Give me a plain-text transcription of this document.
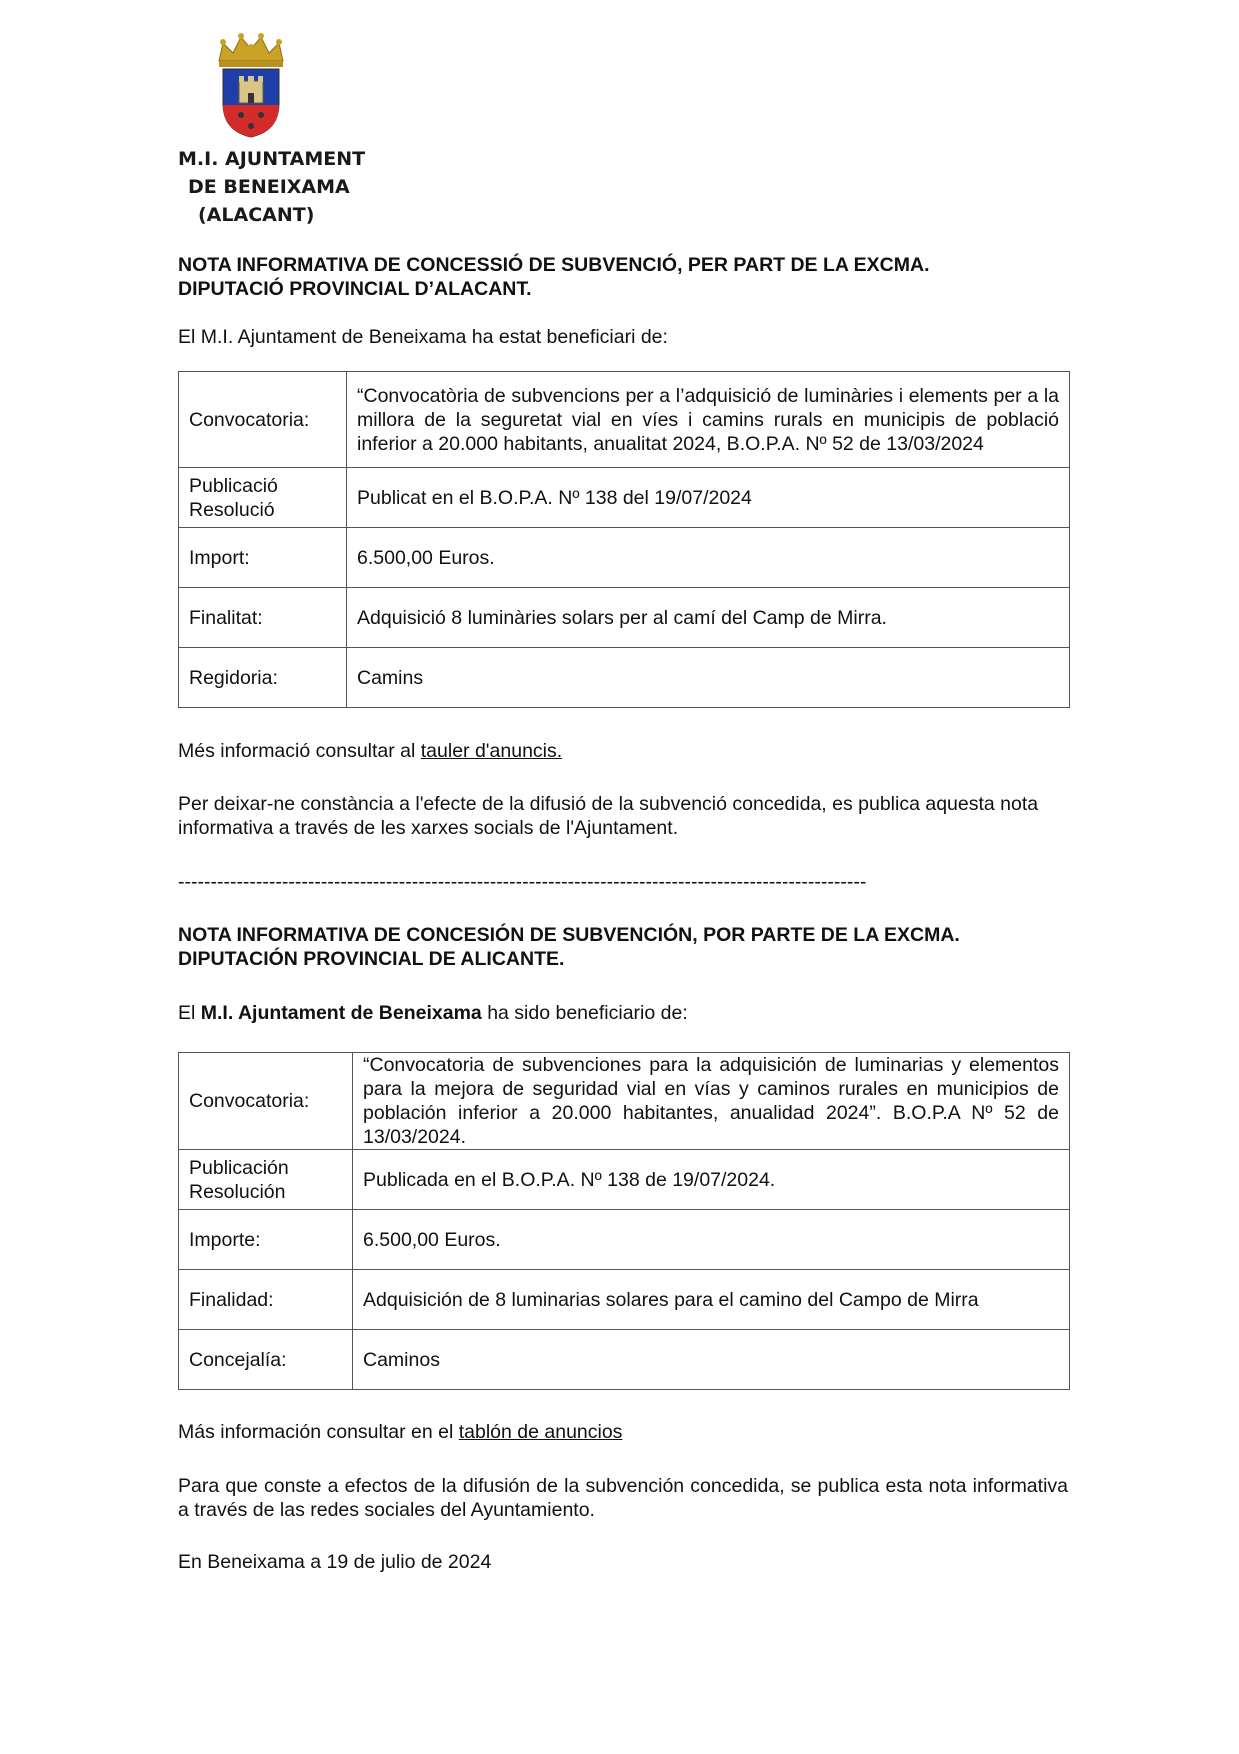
M.I. AJUNTAMENT
DE BENEIXAMA
(ALACANT)
NOTA INFORMATIVA DE CONCESSIÓ DE SUBVENCIÓ, PER PART DE LA EXCMA.
DIPUTACIÓ PROVINCIAL D’ALACANT.
El M.I. Ajuntament de Beneixama ha estat beneficiari de:
Convocatoria:	“Convocatòria de subvencions per a l’adquisició de luminàries i elements per a la millora de la seguretat vial en víes i camins rurals en municipis de població inferior a 20.000 habitants, anualitat 2024, B.O.P.A. Nº 52 de 13/03/2024

Publicació
Resolució	Publicat en el B.O.P.A. Nº 138 del 19/07/2024
Import:	6.500,00 Euros.
Finalitat:	Adquisició 8 luminàries solars per al camí del Camp de Mirra.
Regidoria:	Camins
Més informació consultar al tauler d'anuncis.
Per deixar-ne constància a l'efecte de la difusió de la subvenció concedida, es publica aquesta nota informativa a través de les xarxes socials de l'Ajuntament.
----------------------------------------------------------------------------------------------------------
NOTA INFORMATIVA DE CONCESIÓN DE SUBVENCIÓN, POR PARTE DE LA EXCMA.
DIPUTACIÓN PROVINCIAL DE ALICANTE.
El M.I. Ajuntament de Beneixama ha sido beneficiario de:
Convocatoria:	“Convocatoria de subvenciones para la adquisición de luminarias y elementos para la mejora de seguridad vial en vías y caminos rurales en municipios de población inferior a 20.000 habitantes, anualidad 2024”. B.O.P.A Nº 52 de 13/03/2024.

Publicación
Resolución	Publicada en el B.O.P.A. Nº 138 de 19/07/2024.
Importe:	6.500,00 Euros.
Finalidad:	Adquisición de 8 luminarias solares para el camino del Campo de Mirra
Concejalía:	Caminos
Más información consultar en el tablón de anuncios
Para que conste a efectos de la difusión de la subvención concedida, se publica esta nota informativa a través de las redes sociales del Ayuntamiento.
En Beneixama a 19 de julio de 2024
